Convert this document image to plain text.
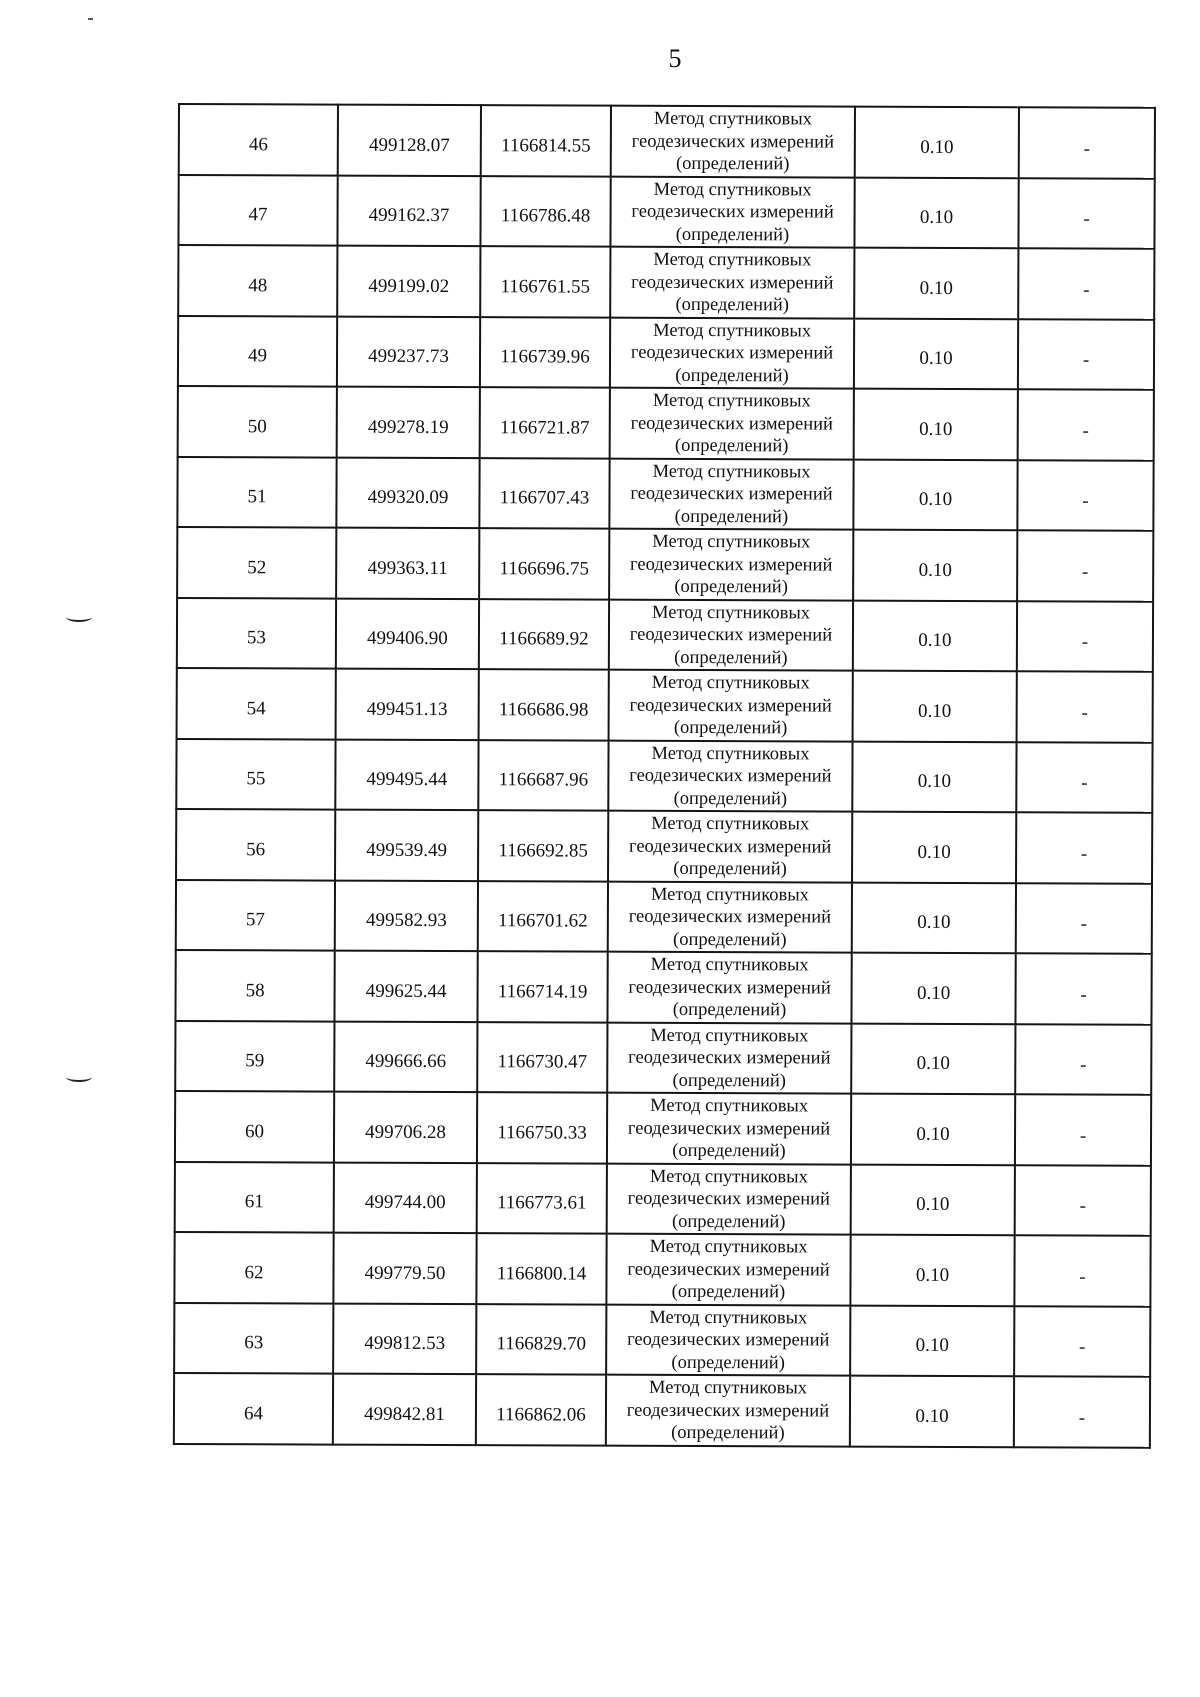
5
46	499128.07	1166814.55	Метод спутниковых
геодезических измерений
(определений)	0.10	-
47	499162.37	1166786.48	Метод спутниковых
геодезических измерений
(определений)	0.10	-
48	499199.02	1166761.55	Метод спутниковых
геодезических измерений
(определений)	0.10	-
49	499237.73	1166739.96	Метод спутниковых
геодезических измерений
(определений)	0.10	-
50	499278.19	1166721.87	Метод спутниковых
геодезических измерений
(определений)	0.10	-
51	499320.09	1166707.43	Метод спутниковых
геодезических измерений
(определений)	0.10	-
52	499363.11	1166696.75	Метод спутниковых
геодезических измерений
(определений)	0.10	-
53	499406.90	1166689.92	Метод спутниковых
геодезических измерений
(определений)	0.10	-
54	499451.13	1166686.98	Метод спутниковых
геодезических измерений
(определений)	0.10	-
55	499495.44	1166687.96	Метод спутниковых
геодезических измерений
(определений)	0.10	-
56	499539.49	1166692.85	Метод спутниковых
геодезических измерений
(определений)	0.10	-
57	499582.93	1166701.62	Метод спутниковых
геодезических измерений
(определений)	0.10	-
58	499625.44	1166714.19	Метод спутниковых
геодезических измерений
(определений)	0.10	-
59	499666.66	1166730.47	Метод спутниковых
геодезических измерений
(определений)	0.10	-
60	499706.28	1166750.33	Метод спутниковых
геодезических измерений
(определений)	0.10	-
61	499744.00	1166773.61	Метод спутниковых
геодезических измерений
(определений)	0.10	-
62	499779.50	1166800.14	Метод спутниковых
геодезических измерений
(определений)	0.10	-
63	499812.53	1166829.70	Метод спутниковых
геодезических измерений
(определений)	0.10	-
64	499842.81	1166862.06	Метод спутниковых
геодезических измерений
(определений)	0.10	-
